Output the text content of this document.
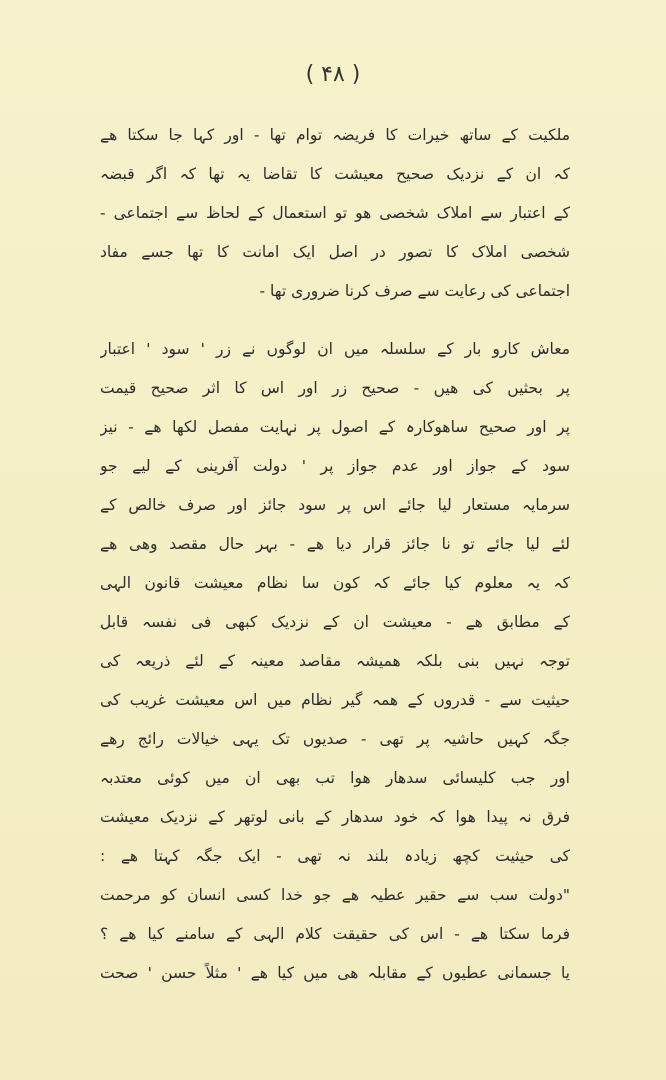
( ۴۸ )
ملکیت کے ساتھ خیرات کا فریضہ توام تھا - اور کہا جا سکتا ھے
کہ ان کے نزدیک صحیح معیشت کا تقاضا یہ تھا کہ اگر قبضہ
کے اعتبار سے املاک شخصی ھو تو استعمال کے لحاظ سے اجتماعی -
شخصی املاک کا تصور در اصل ایک امانت کا تھا جسے مفاد
اجتماعی کی رعایت سے صرف کرنا ضروری تھا -
معاش کارو بار کے سلسلہ میں ان لوگوں نے زر ' سود ' اعتبار
پر بحثیں کی ھیں - صحیح زر اور اس کا اثر صحیح قیمت
پر اور صحیح ساھوکارہ کے اصول پر نہایت مفصل لکھا ھے - نیز
سود کے جواز اور عدم جواز پر ' دولت آفرینی کے لیے جو
سرمایہ مستعار لیا جائے اس پر سود جائز اور صرف خالص کے
لئے لیا جائے تو نا جائز قرار دیا ھے - بہر حال مقصد وھی ھے
کہ یہ معلوم کیا جائے کہ کون سا نظام معیشت قانون الہی
کے مطابق ھے - معیشت ان کے نزدیک کبھی فی نفسہ قابل
توجہ نہیں بنی بلکہ ھمیشہ مقاصد معینہ کے لئے ذریعہ کی
حیثیت سے - قدروں کے ھمہ گیر نظام میں اس معیشت غریب کی
جگہ کہیں حاشیہ پر تھی - صدیوں تک یہی خیالات رائج رھے
اور جب کلیسائی سدھار ھوا تب بھی ان میں کوئی معتدبہ
فرق نہ پیدا ھوا کہ خود سدھار کے بانی لوتھر کے نزدیک معیشت
کی حیثیت کچھ زیادہ بلند نہ تھی - ایک جگہ کہتا ھے :
"دولت سب سے حقیر عطیہ ھے جو خدا کسی انسان کو مرحمت
فرما سکتا ھے - اس کی حقیقت کلام الہی کے سامنے کیا ھے ؟
یا جسمانی عطیوں کے مقابلہ ھی میں کیا ھے ' مثلاً حسن ' صحت
